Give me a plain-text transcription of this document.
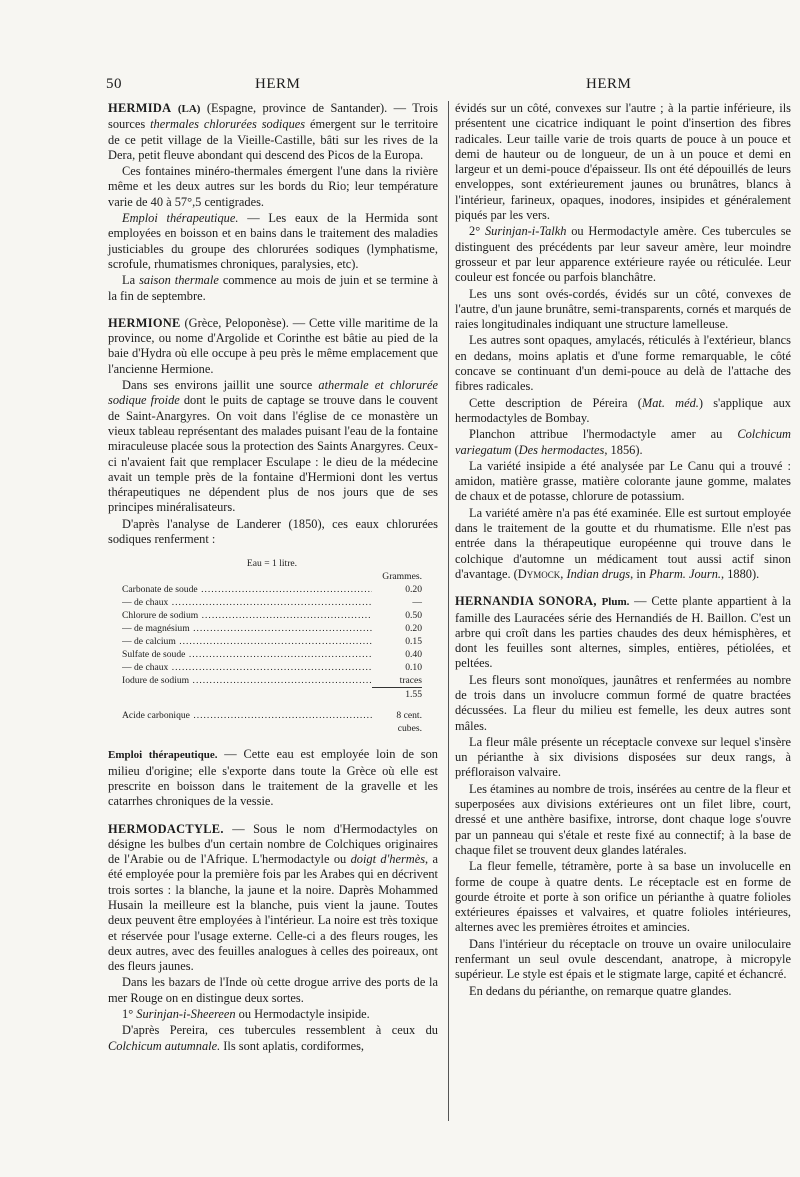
50	HERM	HERM

HERMIDA (LA) (Espagne, province de Santander). — Trois sources thermales chlorurées sodiques émergent sur le territoire de ce petit village de la Vieille-Castille, bâti sur les rives de la Dera, petit fleuve abondant qui descend des Picos de la Europa.

Ces fontaines minéro-thermales émergent l'une dans la rivière même et les deux autres sur les bords du Rio; leur température varie de 40 à 57°,5 centigrades.

Emploi thérapeutique. — Les eaux de la Hermida sont employées en boisson et en bains dans le traitement des maladies justiciables du groupe des chlorurées sodiques (lymphatisme, scrofule, rhumatismes chroniques, paralysies, etc).

La saison thermale commence au mois de juin et se termine à la fin de septembre.

HERMIONE (Grèce, Peloponèse). — Cette ville maritime de la province, ou nome d'Argolide et Corinthe est bâtie au pied de la baie d'Hydra où elle occupe à peu près le même emplacement que l'ancienne Hermione.

Dans ses environs jaillit une source athermale et chlorurée sodique froide dont le puits de captage se trouve dans le couvent de Saint-Anargyres. On voit dans l'église de ce monastère un vieux tableau représentant des malades puisant l'eau de la fontaine miraculeuse placée sous la protection des Saints Anargyres. Ceux-ci n'avaient fait que remplacer Esculape : le dieu de la médecine avait un temple près de la fontaine d'Hermioni dont les vertus thérapeutiques ne dépendent plus de nos jours que de ses principes minéralisateurs.

D'après l'analyse de Landerer (1850), ces eaux chlorurées sodiques renferment :

Eau = 1 litre.	
Grammes.	

Carbonate de soude .....	0.20

— de chaux .....	—

Chlorure de sodium .....	0.50

— de magnésium .....	0.20

— de calcium .....	0.15

Sulfate de soude .....	0.40

— de chaux .....	0.10

Iodure de sodium .....	traces
	1.55

Acide carbonique .....	8 cent. cubes.

Emploi thérapeutique. — Cette eau est employée loin de son milieu d'origine; elle s'exporte dans toute la Grèce où elle est prescrite en boisson dans le traitement de la gravelle et les catarrhes chroniques de la vessie.

HERMODACTYLE. — Sous le nom d'Hermodactyles on désigne les bulbes d'un certain nombre de Colchiques originaires de l'Arabie ou de l'Afrique. L'hermodactyle ou doigt d'hermès, a été employée pour la première fois par les Arabes qui en décrivent trois sortes : la blanche, la jaune et la noire. Daprès Mohammed Husain la meilleure est la blanche, puis vient la jaune. Toutes deux peuvent être employées à l'intérieur. La noire est très toxique et réservée pour l'usage externe. Celle-ci a des fleurs rouges, les deux autres, avec des feuilles analogues à celles des poireaux, ont des fleurs jaunes.

Dans les bazars de l'Inde où cette drogue arrive des ports de la mer Rouge on en distingue deux sortes.

1° Surinjan-i-Sheereen ou Hermodactyle insipide.

D'après Pereira, ces tubercules ressemblent à ceux du Colchicum autumnale. Ils sont aplatis, cordiformes,

évidés sur un côté, convexes sur l'autre ; à la partie inférieure, ils présentent une cicatrice indiquant le point d'insertion des fibres radicales. Leur taille varie de trois quarts de pouce à un pouce et demi de hauteur ou de longueur, de un à un pouce et demi en largeur et un demi-pouce d'épaisseur. Ils ont été dépouillés de leurs enveloppes, sont extérieurement jaunes ou brunâtres, blancs à l'intérieur, farineux, opaques, inodores, insipides et généralement piqués par les vers.

2° Surinjan-i-Talkh ou Hermodactyle amère. Ces tubercules se distinguent des précédents par leur saveur amère, leur moindre grosseur et par leur apparence extérieure rayée ou réticulée. Leur couleur est foncée ou parfois blanchâtre.

Les uns sont ovés-cordés, évidés sur un côté, convexes de l'autre, d'un jaune brunâtre, semi-transparents, cornés et marqués de raies longitudinales indiquant une structure lamelleuse.

Les autres sont opaques, amylacés, réticulés à l'extérieur, blancs en dedans, moins aplatis et d'une forme remarquable, le côté concave se continuant d'un demi-pouce au delà de l'attache des fibres radicales.

Cette description de Péreira (Mat. méd.) s'applique aux hermodactyles de Bombay.

Planchon attribue l'hermodactyle amer au Colchicum variegatum (Des hermodactes, 1856).

La variété insipide a été analysée par Le Canu qui a trouvé : amidon, matière grasse, matière colorante jaune gomme, malates de chaux et de potasse, chlorure de potassium.

La variété amère n'a pas été examinée. Elle est surtout employée dans le traitement de la goutte et du rhumatisme. Elle n'est pas entrée dans la thérapeutique européenne qui trouve dans le colchique d'automne un médicament tout aussi actif sinon d'avantage. (Dymock, Indian drugs, in Pharm. Journ., 1880).

HERNANDIA SONORA, Plum. — Cette plante appartient à la famille des Lauracées série des Hernandiés de H. Baillon. C'est un arbre qui croît dans les parties chaudes des deux hémisphères, et dont les feuilles sont alternes, simples, entières, pétiolées, et peltées.

Les fleurs sont monoïques, jaunâtres et renfermées au nombre de trois dans un involucre commun formé de quatre bractées décussées. La fleur du milieu est femelle, les deux autres sont mâles.

La fleur mâle présente un réceptacle convexe sur lequel s'insère un périanthe à six divisions disposées sur deux rangs, à préfloraison valvaire.

Les étamines au nombre de trois, insérées au centre de la fleur et superposées aux divisions extérieures ont un filet libre, court, dressé et une anthère basifixe, introrse, dont chaque loge s'ouvre par un panneau qui s'étale et reste fixé au connectif; à la base de chaque filet se trouvent deux glandes latérales.

La fleur femelle, tétramère, porte à sa base un involucelle en forme de coupe à quatre dents. Le réceptacle est en forme de gourde étroite et porte à son orifice un périanthe à quatre folioles extérieures épaisses et valvaires, et quatre folioles intérieures, alternes avec les premières étroites et amincies.

Dans l'intérieur du réceptacle on trouve un ovaire uniloculaire renfermant un seul ovule descendant, anatrope, à micropyle supérieur. Le style est épais et le stigmate large, capité et échancré.

En dedans du périanthe, on remarque quatre glandes.
